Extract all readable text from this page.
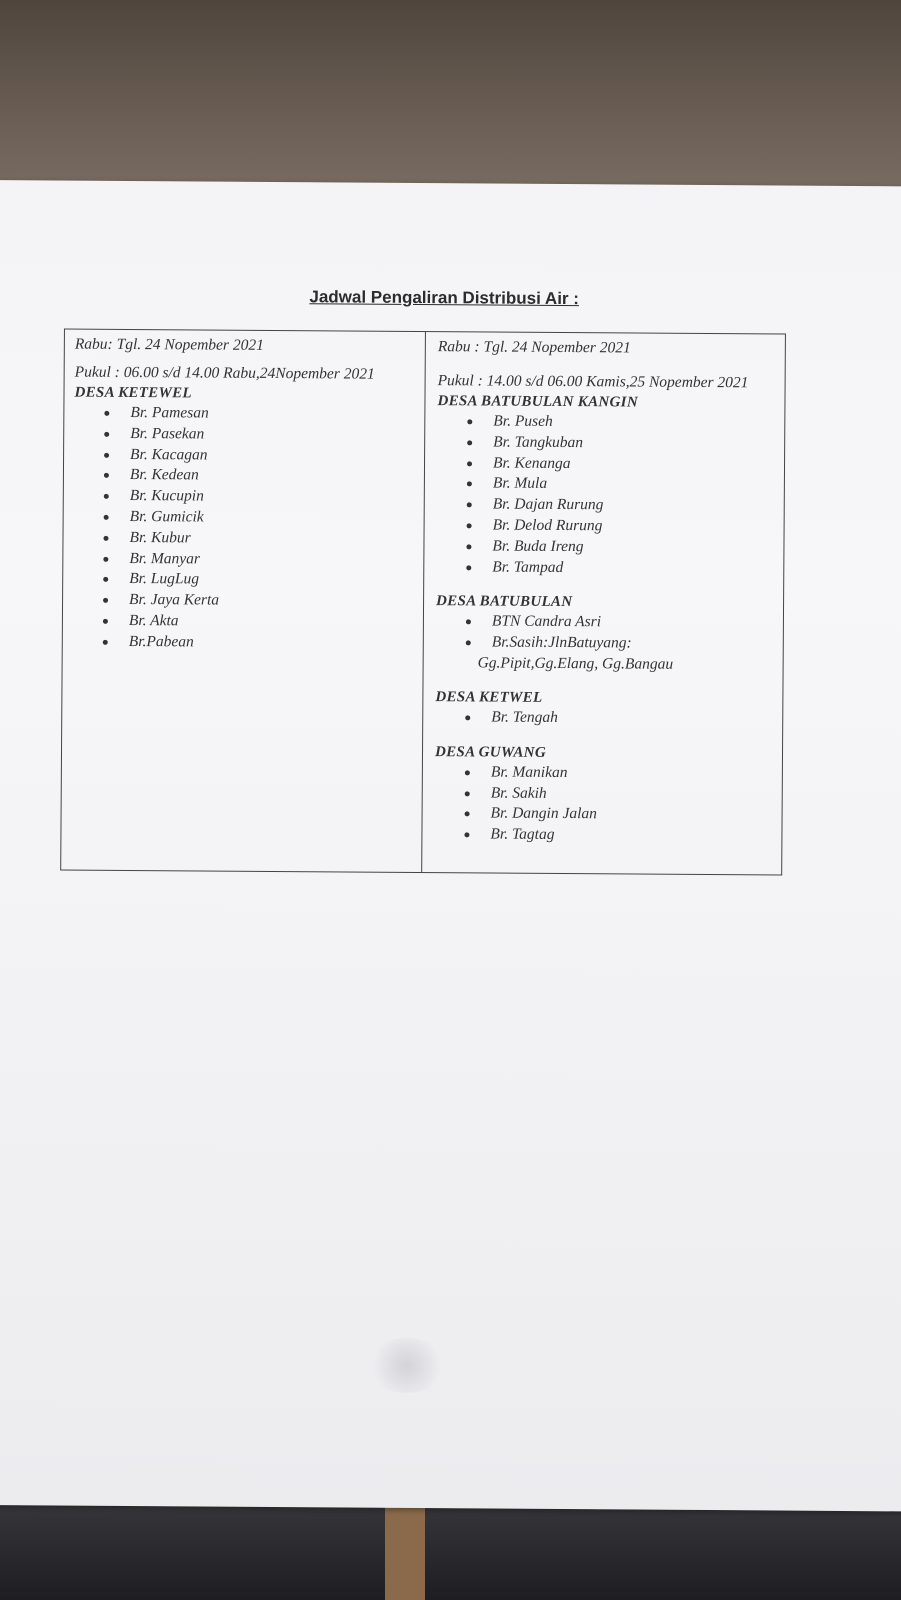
Jadwal Pengaliran Distribusi Air :

Rabu: Tgl. 24 Nopember 2021

Pukul : 06.00 s/d 14.00 Rabu,24Nopember 2021

DESA KETEWEL

Br. Pamesan
Br. Pasekan
Br. Kacagan
Br. Kedean
Br. Kucupin
Br. Gumicik
Br. Kubur
Br. Manyar
Br. LugLug
Br. Jaya Kerta
Br. Akta
Br.Pabean

Rabu : Tgl. 24 Nopember 2021

Pukul : 14.00 s/d 06.00 Kamis,25 Nopember 2021

DESA BATUBULAN KANGIN

Br. Puseh
Br. Tangkuban
Br. Kenanga
Br. Mula
Br. Dajan Rurung
Br. Delod Rurung
Br. Buda Ireng
Br. Tampad

DESA BATUBULAN

BTN Candra Asri
Br.Sasih:JlnBatuyang:
Gg.Pipit,Gg.Elang, Gg.Bangau

DESA KETWEL

Br. Tengah

DESA GUWANG

Br. Manikan
Br. Sakih
Br. Dangin Jalan
Br. Tagtag
